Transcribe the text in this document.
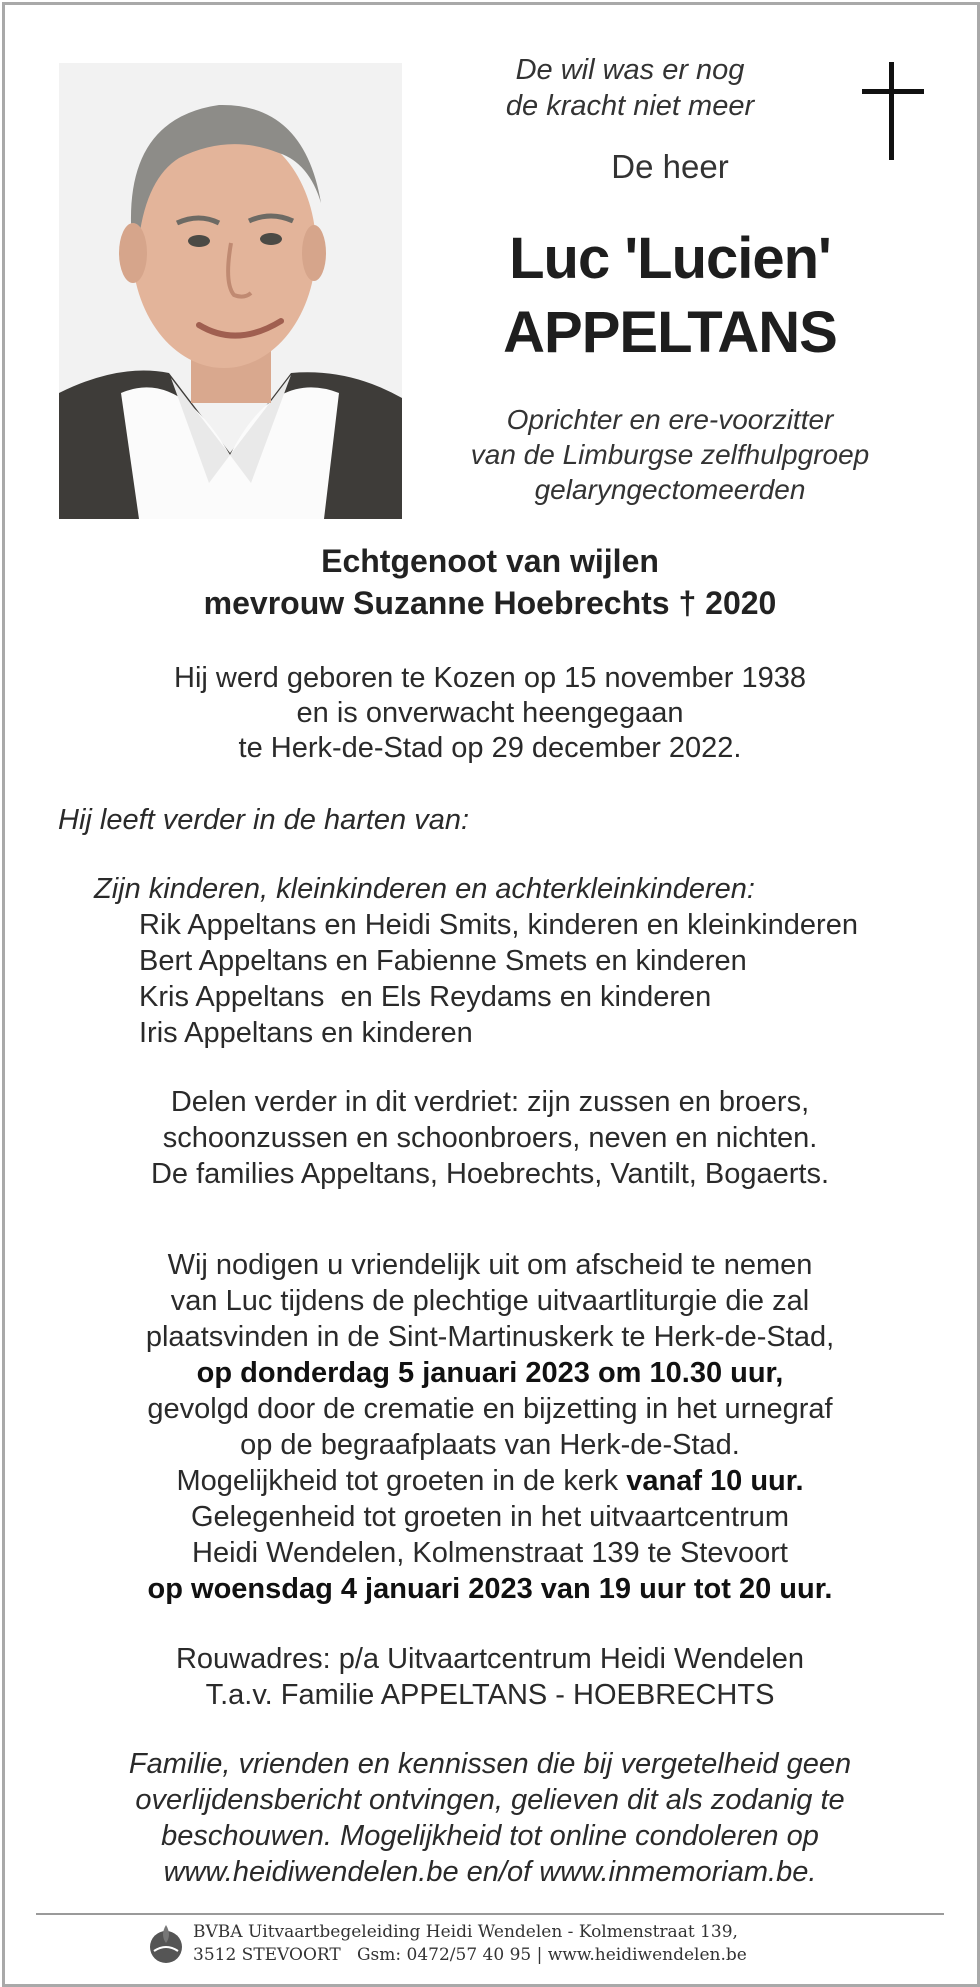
De wil was er nog
de kracht niet meer
De heer
Luc 'Lucien'
APPELTANS
Oprichter en ere-voorzitter
van de Limburgse zelfhulpgroep
gelaryngectomeerden
Echtgenoot van wijlen
mevrouw Suzanne Hoebrechts † 2020
Hij werd geboren te Kozen op 15 november 1938
en is onverwacht heengegaan
te Herk-de-Stad op 29 december 2022.
Hij leeft verder in de harten van:
Zijn kinderen, kleinkinderen en achterkleinkinderen:
Rik Appeltans en Heidi Smits, kinderen en kleinkinderen
Bert Appeltans en Fabienne Smets en kinderen
Kris Appeltans  en Els Reydams en kinderen
Iris Appeltans en kinderen
Delen verder in dit verdriet: zijn zussen en broers,
schoonzussen en schoonbroers, neven en nichten.
De families Appeltans, Hoebrechts, Vantilt, Bogaerts.
Wij nodigen u vriendelijk uit om afscheid te nemen
van Luc tijdens de plechtige uitvaartliturgie die zal
plaatsvinden in de Sint-Martinuskerk te Herk-de-Stad,
op donderdag 5 januari 2023 om 10.30 uur,
gevolgd door de crematie en bijzetting in het urnegraf
op de begraafplaats van Herk-de-Stad.
Mogelijkheid tot groeten in de kerk vanaf 10 uur.
Gelegenheid tot groeten in het uitvaartcentrum
Heidi Wendelen, Kolmenstraat 139 te Stevoort
op woensdag 4 januari 2023 van 19 uur tot 20 uur.
Rouwadres: p/a Uitvaartcentrum Heidi Wendelen
T.a.v. Familie APPELTANS - HOEBRECHTS
Familie, vrienden en kennissen die bij vergetelheid geen
overlijdensbericht ontvingen, gelieven dit als zodanig te
beschouwen. Mogelijkheid tot online condoleren op
www.heidiwendelen.be en/of www.inmemoriam.be.
BVBA Uitvaartbegeleiding Heidi Wendelen - Kolmenstraat 139,
3512 STEVOORT   Gsm: 0472/57 40 95 | www.heidiwendelen.be
